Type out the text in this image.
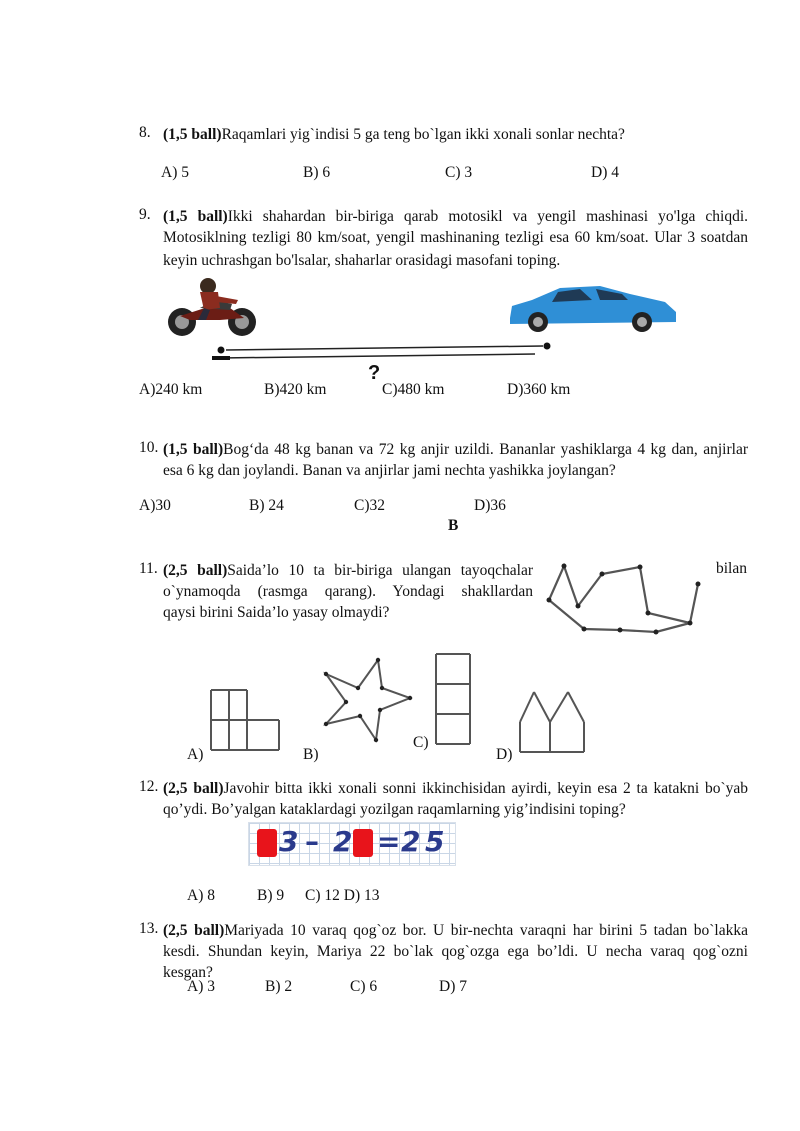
8. (1,5 ball)Raqamlari yig`indisi 5 ga teng bo`lgan ikki xonali sonlar nechta?
A) 5	B) 6	C) 3	D) 4
9. (1,5 ball)Ikki shahardan bir-biriga qarab motosikl va yengil mashinasi yo'lga chiqdi.
Motosiklning tezligi 80 km/soat, yengil mashinaning tezligi esa 60 km/soat. Ular 3 soatdan
keyin uchrashgan bo'lsalar, shaharlar orasidagi masofani toping.
?
A)240 km	B)420 km	C)480 km	D)360 km
10. (1,5 ball)Bog‘da 48 kg banan va 72 kg anjir uzildi. Bananlar yashiklarga 4 kg dan, anjirlar
esa 6 kg dan joylandi. Banan va anjirlar jami nechta yashikka joylangan?
A)30	B) 24	C)32	D)36
B
11. (2,5 ball)Saida’lo 10 ta bir-biriga ulangan tayoqchalar
o`ynamoqda (rasmga qarang). Yondagi shakllardan
qaysi birini Saida’lo yasay olmaydi?
bilan
A)	B)
C)
D)
12. (2,5 ball)Javohir bitta ikki xonali sonni ikkinchisidan ayirdi, keyin esa 2 ta katakni bo`yab
qo’ydi. Bo’yalgan kataklardagi yozilgan raqamlarning yig’indisini toping?
3 – 2 = 2 5
A) 8	B) 9 C) 12 D) 13
13. (2,5 ball)Mariyada 10 varaq qog`oz bor. U bir-nechta varaqni har birini 5 tadan bo`lakka
kesdi. Shundan keyin, Mariya 22 bo`lak qog`ozga ega bo’ldi. U necha varaq qog`ozni
kesgan?
A) 3	B) 2	C) 6	D) 7
